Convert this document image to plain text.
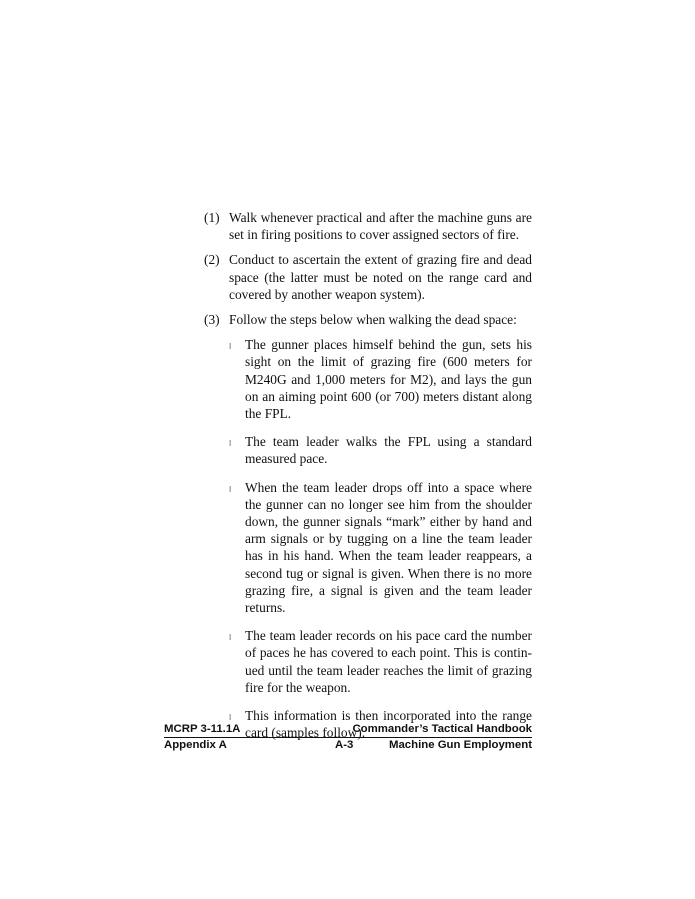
(1) Walk whenever practical and after the machine guns are set in firing positions to cover assigned sectors of fire.
(2) Conduct to ascertain the extent of grazing fire and dead space (the latter must be noted on the range card and covered by another weapon system).
(3) Follow the steps below when walking the dead space:
l The gunner places himself behind the gun, sets his sight on the limit of grazing fire (600 meters for M240G and 1,000 meters for M2), and lays the gun on an aiming point 600 (or 700) meters distant along the FPL.
l The team leader walks the FPL using a standard measured pace.
l When the team leader drops off into a space where the gunner can no longer see him from the shoulder down, the gunner signals “mark” either by hand and arm signals or by tugging on a line the team leader has in his hand. When the team leader reappears, a second tug or signal is given. When there is no more grazing fire, a signal is given and the team leader returns.
l The team leader records on his pace card the number of paces he has covered to each point. This is contin-ued until the team leader reaches the limit of grazing fire for the weapon.
l This information is then incorporated into the range card (samples follow).
MCRP 3-11.1A	Commander’s Tactical Handbook
Appendix A	A-3	Machine Gun Employment
